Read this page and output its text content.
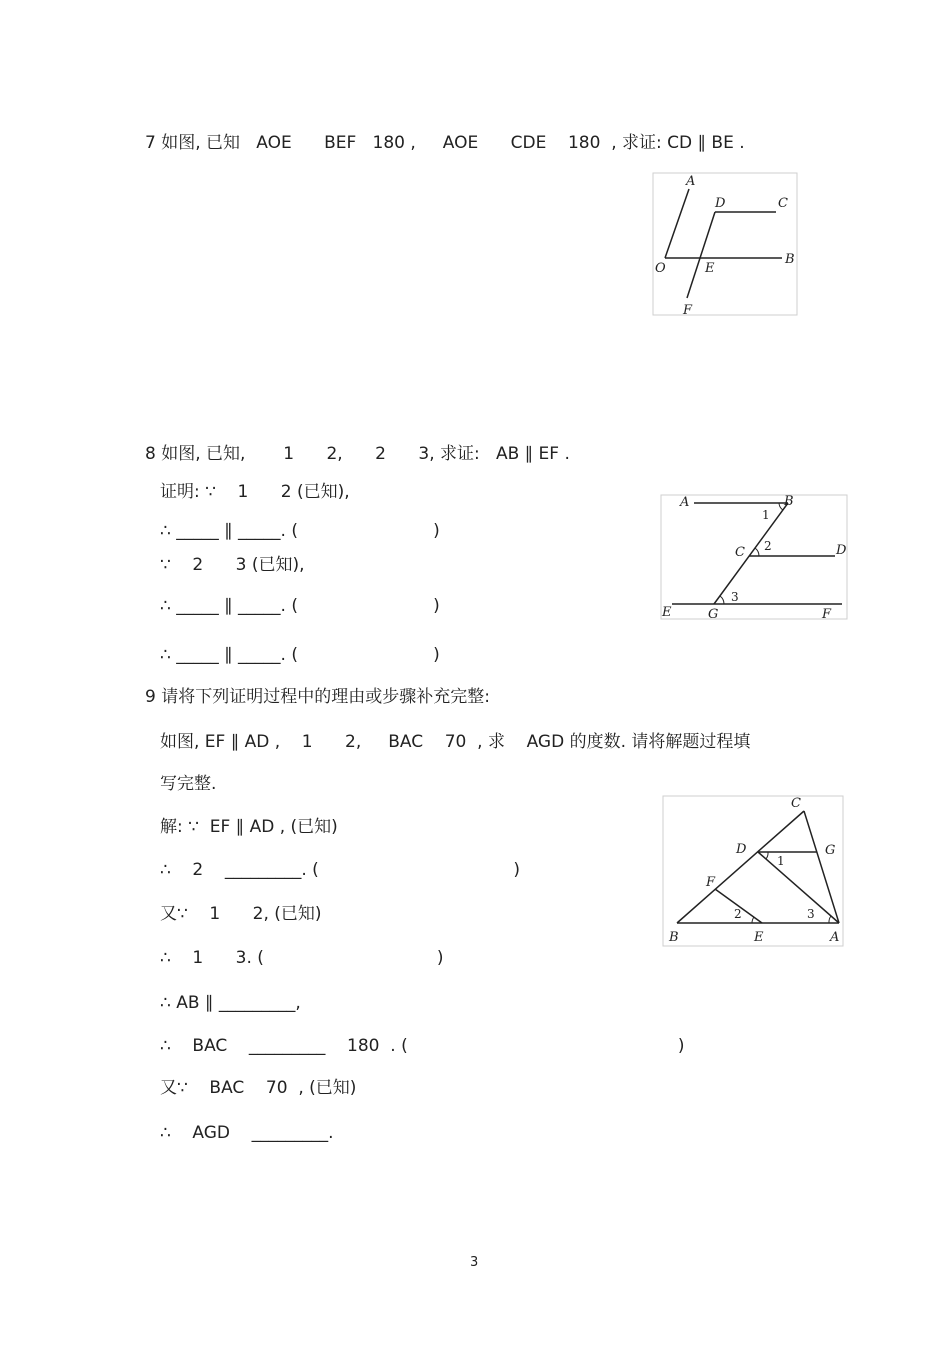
7 如图, 已知   AOE      BEF   180 ,     AOE      CDE    180  , 求证: CD ∥ BE .
A
D	C
O	E
B
F
8 如图, 已知,       1      2,      2      3, 求证:   AB ∥ EF .
证明: ∵    1      2 (已知),
∴ _____ ∥ _____. (                         )
∵    2      3 (已知),
∴ _____ ∥ _____. (                         )
∴ _____ ∥ _____. (                         )
A	B
1
C 2	D
3
E	G	F
9 请将下列证明过程中的理由或步骤补充完整:
如图, EF ∥ AD ,    1      2,     BAC    70  , 求    AGD 的度数. 请将解题过程填
写完整.
解: ∵  EF ∥ AD , (已知)
∴    2    _________. (                                    )
又∵    1      2, (已知)
∴    1      3. (                                )
∴ AB ∥ _________,
∴    BAC    _________    180  . (                                                  )
又∵    BAC    70  , (已知)
∴    AGD    _________.
C
D
1
G
F
2	3
B	E	A
3
